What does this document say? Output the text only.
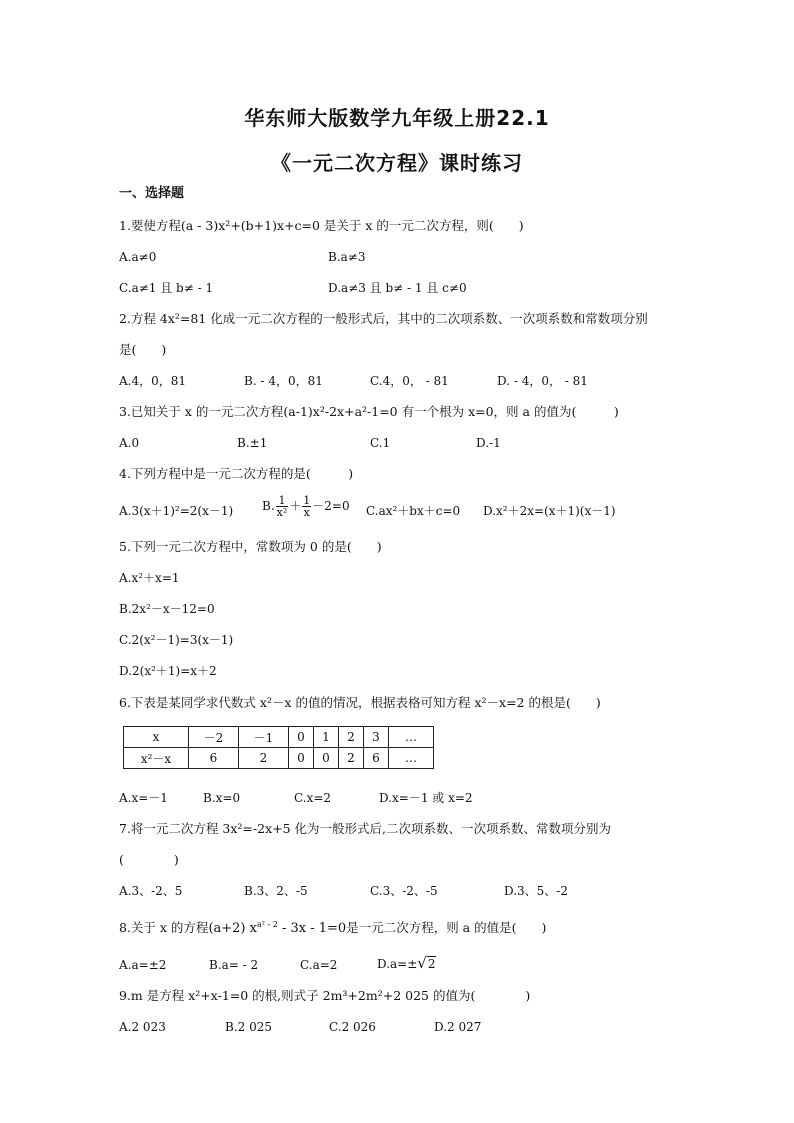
华东师大版数学九年级上册22.1
《一元二次方程》课时练习
一、选择题
1.要使方程(a - 3)x²+(b+1)x+c=0 是关于 x 的一元二次方程，则(　　)
A.a≠0	B.a≠3
C.a≠1 且 b≠ - 1	D.a≠3 且 b≠ - 1 且 c≠0
2.方程 4x²=81 化成一元二次方程的一般形式后，其中的二次项系数、一次项系数和常数项分别
是(　　)
A.4，0，81	B. - 4，0，81	C.4，0， - 81	D. - 4，0， - 81
3.已知关于 x 的一元二次方程(a-1)x²-2x+a²-1=0 有一个根为 x=0，则 a 的值为(　　　)
A.0	B.±1	C.1	D.-1
4.下列方程中是一元二次方程的是(　　　)
A.3(x＋1)²=2(x－1) B. $\frac{1}{\text{x²}} + \frac{1}{x} -2=0$ C.ax²＋bx＋c=0 D.x²＋2x=(x＋1)(x－1)
5.下列一元二次方程中，常数项为 0 的是(　　)
A.x²＋x=1
B.2x²－x－12=0
C.2(x²－1)=3(x－1)
D.2(x²＋1)=x＋2
6.下表是某同学求代数式 x²－x 的值的情况，根据表格可知方程 x²－x=2 的根是(　　)
x	－2	－1	0	1	2	3	…
x²－x	6	2	0	0	2	6	…
A.x=－1	B.x=0	C.x=2	D.x=－1 或 x=2
7.将一元二次方程 3x²=-2x+5 化为一般形式后,二次项系数、一次项系数、常数项分别为
(　　　　)
A.3、-2、5	B.3、2、-5	C.3、-2、-5	D.3、5、-2
8.关于 x 的方程(a+2) $x^{a^2 - 2} - 3x - 1=0$是一元二次方程，则 a 的值是(　　)
A.a=±2	B.a= - 2	C.a=2	D.a=±√2
9.m 是方程 x²+x-1=0 的根,则式子 2m³+2m²+2 025 的值为(　　　　)
A.2 023	B.2 025	C.2 026	D.2 027
